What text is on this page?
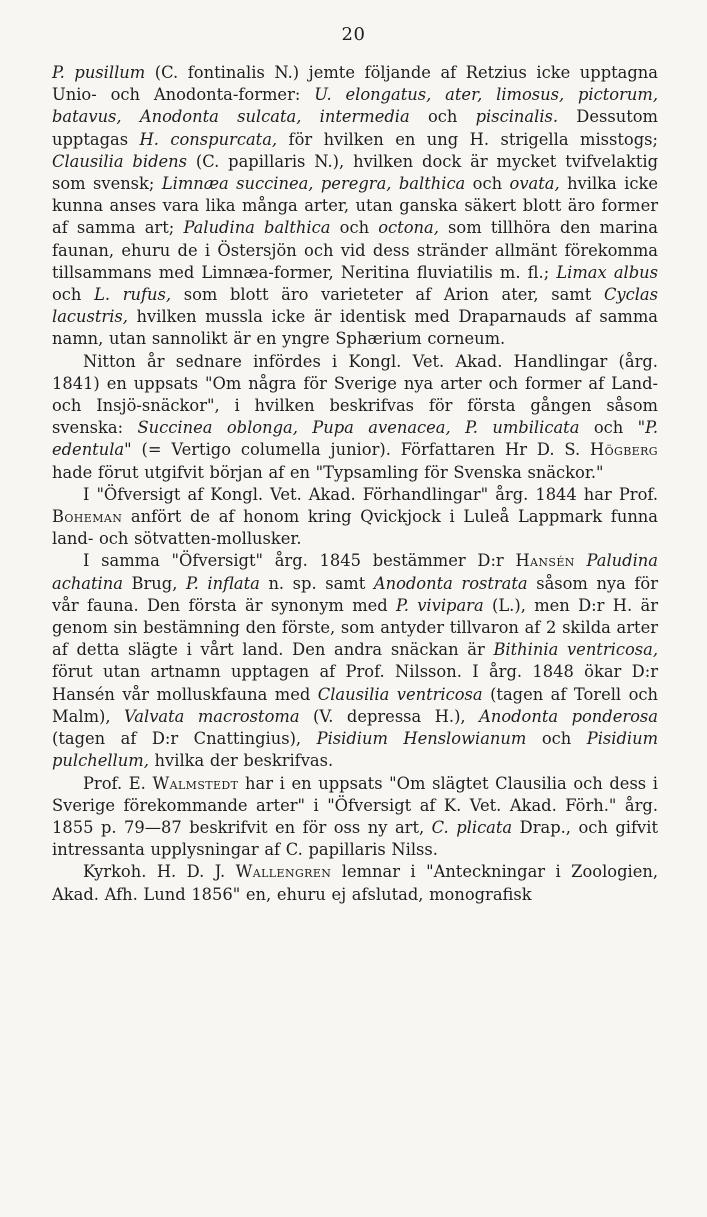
20

P. pusillum (C. fontinalis N.) jemte följande af Retzius icke upptagna Unio- och Anodonta-former: U. elongatus, ater, limosus, pictorum, batavus, Anodonta sulcata, intermedia och piscinalis. Dessutom upptagas H. conspurcata, för hvilken en ung H. strigella misstogs; Clausilia bidens (C. papillaris N.), hvilken dock är mycket tvifvelaktig som svensk; Limnæa succinea, peregra, balthica och ovata, hvilka icke kunna anses vara lika många arter, utan ganska säkert blott äro former af samma art; Paludina balthica och octona, som tillhöra den marina faunan, ehuru de i Östersjön och vid dess stränder allmänt förekomma tillsammans med Limnæa-former, Neritina fluviatilis m. fl.; Limax albus och L. rufus, som blott äro varieteter af Arion ater, samt Cyclas lacustris, hvilken mussla icke är identisk med Draparnauds af samma namn, utan sannolikt är en yngre Sphærium corneum.

Nitton år sednare infördes i Kongl. Vet. Akad. Handlingar (årg. 1841) en uppsats "Om några för Sverige nya arter och former af Land- och Insjö-snäckor", i hvilken beskrifvas för första gången såsom svenska: Succinea oblonga, Pupa avenacea, P. umbilicata och "P. edentula" (= Vertigo columella junior). Författaren Hr D. S. Högberg hade förut utgifvit början af en "Typsamling för Svenska snäckor."

I "Öfversigt af Kongl. Vet. Akad. Förhandlingar" årg. 1844 har Prof. Boheman anfört de af honom kring Qvickjock i Luleå Lappmark funna land- och sötvatten-mollusker.

I samma "Öfversigt" årg. 1845 bestämmer D:r Hansén Paludina achatina Brug, P. inflata n. sp. samt Anodonta rostrata såsom nya för vår fauna. Den första är synonym med P. vivipara (L.), men D:r H. är genom sin bestämning den förste, som antyder tillvaron af 2 skilda arter af detta slägte i vårt land. Den andra snäckan är Bithinia ventricosa, förut utan artnamn upptagen af Prof. Nilsson. I årg. 1848 ökar D:r Hansén vår molluskfauna med Clausilia ventricosa (tagen af Torell och Malm), Valvata macrostoma (V. depressa H.), Anodonta ponderosa (tagen af D:r Cnattingius), Pisidium Henslowianum och Pisidium pulchellum, hvilka der beskrifvas.

Prof. E. Walmstedt har i en uppsats "Om slägtet Clausilia och dess i Sverige förekommande arter" i "Öfversigt af K. Vet. Akad. Förh." årg. 1855 p. 79—87 beskrifvit en för oss ny art, C. plicata Drap., och gifvit intressanta upplysningar af C. papillaris Nilss.

Kyrkoh. H. D. J. Wallengren lemnar i "Anteckningar i Zoologien, Akad. Afh. Lund 1856" en, ehuru ej afslutad, monografisk
